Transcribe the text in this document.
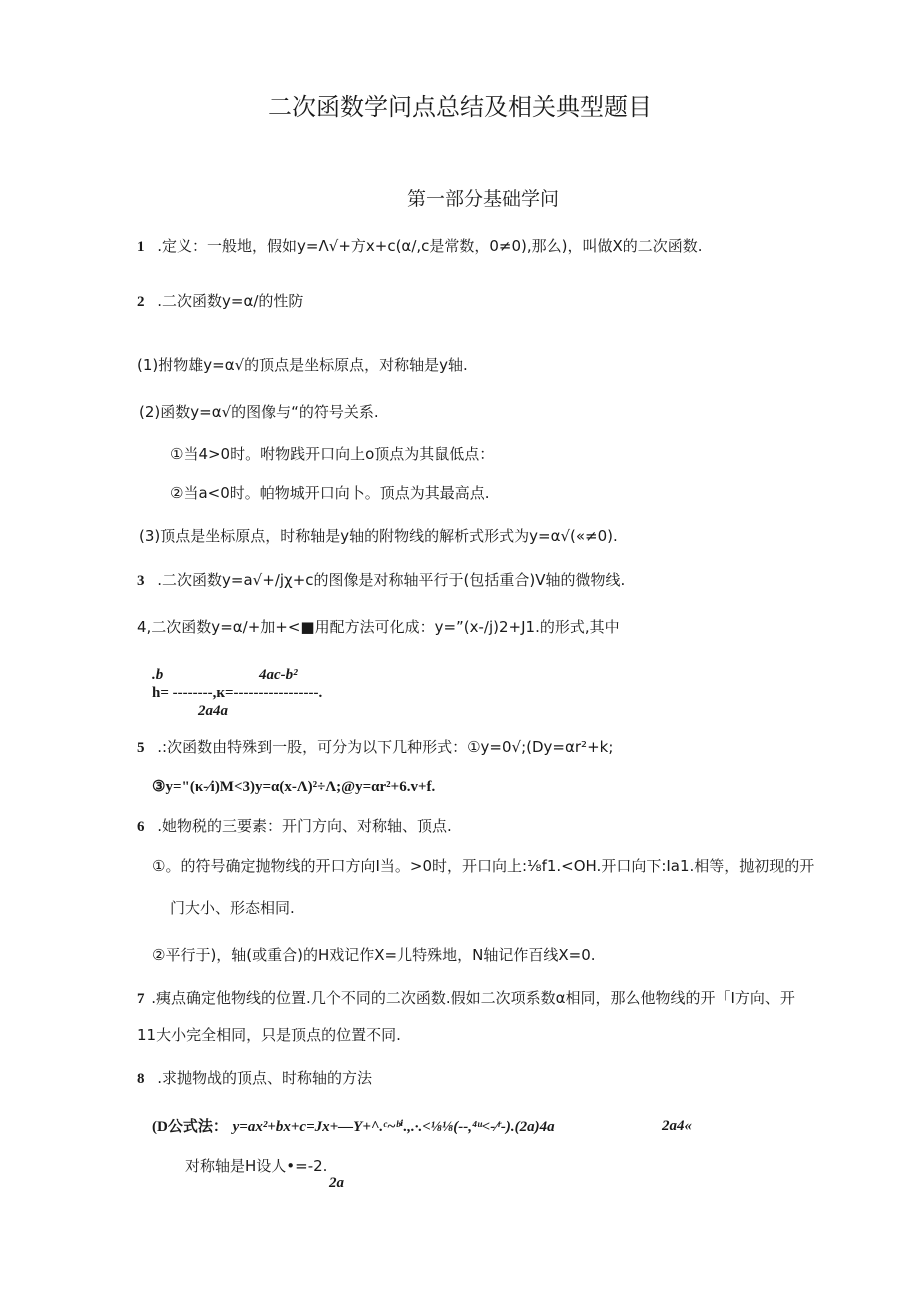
二次函数学问点总结及相关典型题目
第一部分基础学问
1 .定义：一般地，假如y=Λ√+方x+c(α∕,c是常数，0≠0),那么)，叫做X的二次函数.
2 .二次函数y=α∕的性防
(1)拊物雄y=α√的顶点是坐标原点，对称轴是y轴.
(2)函数y=α√的图像与“的符号关系.
①当4>0时。咐物践开口向上o顶点为其鼠低点：
②当a<0时。帕物城开口向卜。顶点为其最高点.
(3)顶点是坐标原点，时称轴是y轴的附物线的解析式形式为y=α√(«≠0).
3 .二次函数y=a√+∕jχ+c的图像是对称轴平行于(包括重合)V轴的微物线.
4,二次函数y=α∕+加+<■用配方法可化成：y=”(x-∕j)2+J1.的形式,其中
.b	4ac-b²
h= --------,к=-----------------.
2a4a
5 .:次函数由特殊到一股，可分为以下几种形式：①y=0√;(Dy=αr²+k;
③y="(κ-∕i)M<3)y=α(x-Λ)²÷Λ;@y=αr²+6.v+f.
6 .她物税的三要素：开门方向、对称轴、顶点.
①。的符号确定抛物线的开口方向I当。>0时，开口向上:⅛f1.<OH.开口向下:Ia1.相等，抛初现的开
门大小、形态相同.
②平行于)，轴(或重合)的H戏记作X=儿特殊地，N轴记作百线X=0.
7 .痍点确定他物线的位置.几个不同的二次函数.假如二次项系数α相同，那么他物线的开「I方向、开
11大小完全相同，只是顶点的位置不同.
8 .求抛物战的顶点、时称轴的方法
(D公式法： y=ax²+bx+c=Jx+—Y+^.ᶜ~ᵇⁱ.,.·.<⅛⅛(--,⁴ᵘ<-∕ʳ-).(2a)4a	2a4«
对称轴是H设人•=-2.
2a
